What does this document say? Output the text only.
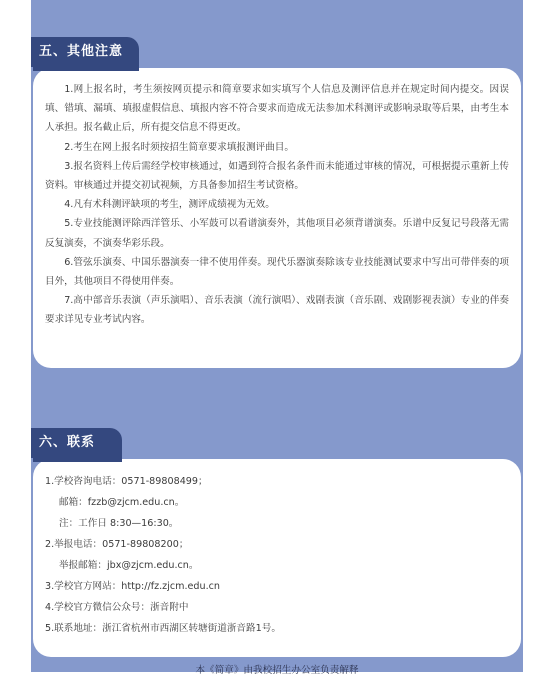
1.网上报名时，考生须按网页提示和简章要求如实填写个人信息及测评信息并在规定时间内提交。因误填、错填、漏填、填报虚假信息、填报内容不符合要求而造成无法参加术科测评或影响录取等后果，由考生本人承担。报名截止后，所有提交信息不得更改。

2.考生在网上报名时须按招生简章要求填报测评曲目。

3.报名资料上传后需经学校审核通过，如遇到符合报名条件而未能通过审核的情况，可根据提示重新上传资料。审核通过并提交初试视频，方具备参加招生考试资格。

4.凡有术科测评缺项的考生，测评成绩视为无效。

5.专业技能测评除西洋管乐、小军鼓可以看谱演奏外，其他项目必须背谱演奏。乐谱中反复记号段落无需反复演奏，不演奏华彩乐段。

6.管弦乐演奏、中国乐器演奏一律不使用伴奏。现代乐器演奏除该专业技能测试要求中写出可带伴奏的项目外，其他项目不得使用伴奏。

7.高中部音乐表演（声乐演唱）、音乐表演（流行演唱）、戏剧表演（音乐剧、戏剧影视表演）专业的伴奏要求详见专业考试内容。

五、其他注意事项

1.学校咨询电话：0571-89808499；

邮箱：fzzb@zjcm.edu.cn。

注：工作日 8:30—16:30。

2.举报电话：0571-89808200；

举报邮箱：jbx@zjcm.edu.cn。

3.学校官方网站：http://fz.zjcm.edu.cn

4.学校官方微信公众号：浙音附中

5.联系地址：浙江省杭州市西湖区转塘街道浙音路1号。

六、联系方式
本《简章》由我校招生办公室负责解释
